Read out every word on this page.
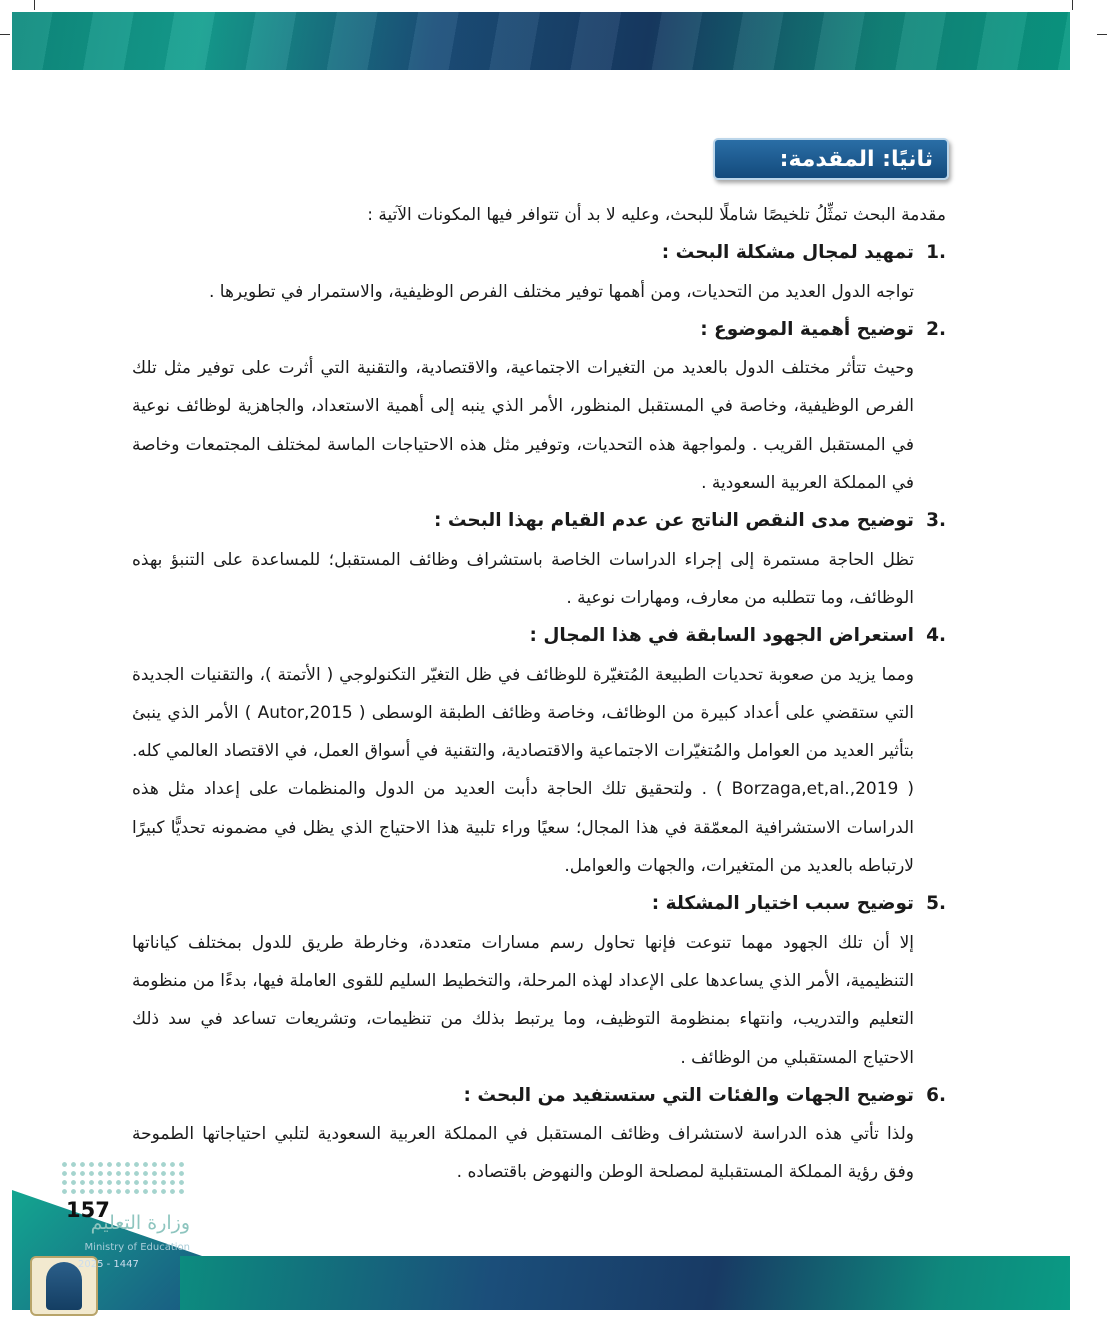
ثانيًا: المقدمة:

مقدمة البحث تمثِّلُ تلخيصًا شاملًا للبحث، وعليه لا بد أن تتوافر فيها المكونات الآتية :

.1
تمهيد لمجال مشكلة البحث :

تواجه الدول العديد من التحديات، ومن أهمها توفير مختلف الفرص الوظيفية، والاستمرار في تطويرها .

.2
توضيح أهمية الموضوع :

وحيث تتأثر مختلف الدول بالعديد من التغيرات الاجتماعية، والاقتصادية، والتقنية التي أثرت على توفير مثل تلك الفرص الوظيفية، وخاصة في المستقبل المنظور، الأمر الذي ينبه إلى أهمية الاستعداد، والجاهزية لوظائف نوعية في المستقبل القريب . ولمواجهة هذه التحديات، وتوفير مثل هذه الاحتياجات الماسة لمختلف المجتمعات وخاصة في المملكة العربية السعودية .

.3
توضيح مدى النقص الناتج عن عدم القيام بهذا البحث :

تظل الحاجة مستمرة إلى إجراء الدراسات الخاصة باستشراف وظائف المستقبل؛ للمساعدة على التنبؤ بهذه الوظائف، وما تتطلبه من معارف، ومهارات نوعية .

.4
استعراض الجهود السابقة في هذا المجال :

ومما يزيد من صعوبة تحديات الطبيعة المُتغيّرة للوظائف في ظل التغيّر التكنولوجي ( الأتمتة )، والتقنيات الجديدة التي ستقضي على أعداد كبيرة من الوظائف، وخاصة وظائف الطبقة الوسطى ( Autor,2015 ) الأمر الذي ينبئ بتأثير العديد من العوامل والمُتغيّرات الاجتماعية والاقتصادية، والتقنية في أسواق العمل، في الاقتصاد العالمي كله. ( Borzaga,et,al.,2019 ) . ولتحقيق تلك الحاجة دأبت العديد من الدول والمنظمات على إعداد مثل هذه الدراسات الاستشرافية المعمّقة في هذا المجال؛ سعيًا وراء تلبية هذا الاحتياج الذي يظل في مضمونه تحديًّا كبيرًا لارتباطه بالعديد من المتغيرات، والجهات والعوامل.

.5
توضيح سبب اختيار المشكلة :

إلا أن تلك الجهود مهما تنوعت فإنها تحاول رسم مسارات متعددة، وخارطة طريق للدول بمختلف كياناتها التنظيمية، الأمر الذي يساعدها على الإعداد لهذه المرحلة، والتخطيط السليم للقوى العاملة فيها، بدءًا من منظومة التعليم والتدريب، وانتهاء بمنظومة التوظيف، وما يرتبط بذلك من تنظيمات، وتشريعات تساعد في سد ذلك الاحتياج المستقبلي من الوظائف .

.6
توضيح الجهات والفئات التي ستستفيد من البحث :

ولذا تأتي هذه الدراسة لاستشراف وظائف المستقبل في المملكة العربية السعودية لتلبي احتياجاتها الطموحة وفق رؤية المملكة المستقبلية لمصلحة الوطن والنهوض باقتصاده .

وزارة التعليم
Ministry of Education
157
2025 - 1447
